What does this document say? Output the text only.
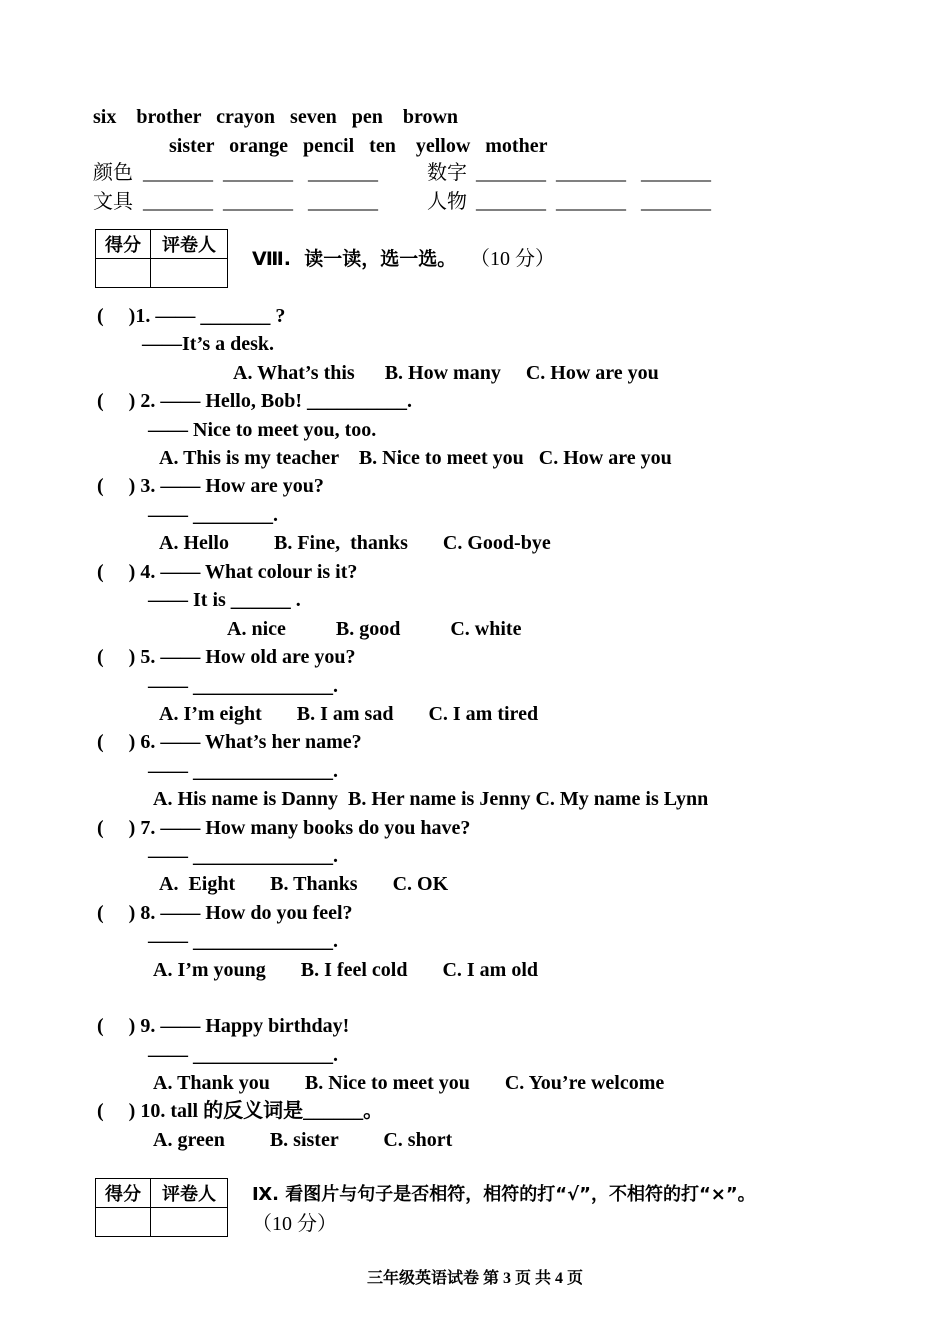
six    brother   crayon   seven   pen    brown
sister   orange   pencil   ten    yellow   mother
颜色 _______  _______   _______ 数字 _______  _______   _______
文具 _______  _______   _______ 人物 _______  _______   _______
得分	评卷人

Ⅷ.  读一读，选一选。 （10 分）
(     )1. —— _______ ?
——It’s a desk.
A. What’s this      B. How many     C. How are you
(     ) 2. —— Hello, Bob! __________.
—— Nice to meet you, too.
A. This is my teacher    B. Nice to meet you   C. How are you
(     ) 3. —— How are you?
—— ________.
A. Hello         B. Fine,  thanks       C. Good-bye
(     ) 4. —— What colour is it?
—— It is ______ .
A. nice          B. good          C. white
(     ) 5. —— How old are you?
—— ______________.
A. I’m eight       B. I am sad       C. I am tired
(     ) 6. —— What’s her name?
—— ______________.
A. His name is Danny  B. Her name is Jenny C. My name is Lynn
(     ) 7. —— How many books do you have?
—— ______________.
A.  Eight       B. Thanks       C. OK
(     ) 8. —— How do you feel?
—— ______________.
A. I’m young       B. I feel cold       C. I am old
(     ) 9. —— Happy birthday!
—— ______________.
A. Thank you       B. Nice to meet you       C. You’re welcome
(     ) 10. tall 的反义词是______。
A. green         B. sister         C. short
得分	评卷人
	Ⅸ. 看图片与句子是否相符，相符的打“√”，不相符的打“×”。
（10 分）
三年级英语试卷 第 3 页 共 4 页
